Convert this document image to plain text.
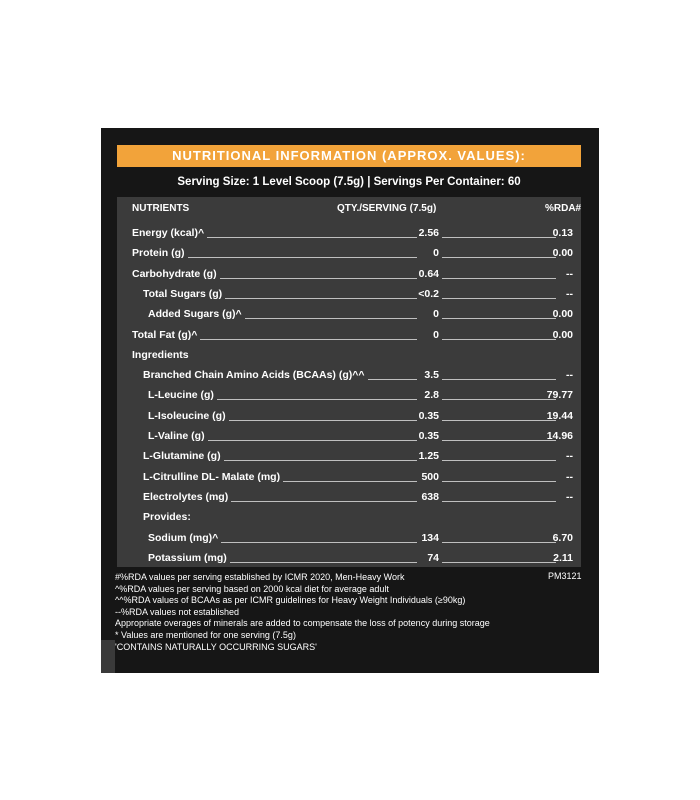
NUTRITIONAL INFORMATION (APPROX. VALUES):
Serving Size: 1 Level Scoop (7.5g) | Servings Per Container: 60
NUTRIENTS	QTY./SERVING (7.5g)	%RDA#
Energy (kcal)^	2.56	0.13
Protein (g)	0	0.00
Carbohydrate (g)	0.64	--
Total Sugars (g)	<0.2	--
Added Sugars (g)^	0	0.00
Total Fat (g)^	0	0.00
Ingredients
Branched Chain Amino Acids (BCAAs) (g)^^	3.5	--
L-Leucine (g)	2.8	79.77
L-Isoleucine (g)	0.35	19.44
L-Valine (g)	0.35	14.96
L-Glutamine (g)	1.25	--
L-Citrulline DL- Malate (mg)	500	--
Electrolytes (mg)	638	--
Provides:
Sodium (mg)^	134	6.70
Potassium (mg)	74	2.11
#%RDA values per serving established by ICMR 2020, Men-Heavy Work
^%RDA values per serving based on 2000 kcal diet for average adult
^^%RDA values of BCAAs as per ICMR guidelines for Heavy Weight Individuals (≥90kg)
--%RDA values not established
Appropriate overages of minerals are added to compensate the loss of potency during storage
* Values are mentioned for one serving (7.5g)
'CONTAINS NATURALLY OCCURRING SUGARS'
PM3121
